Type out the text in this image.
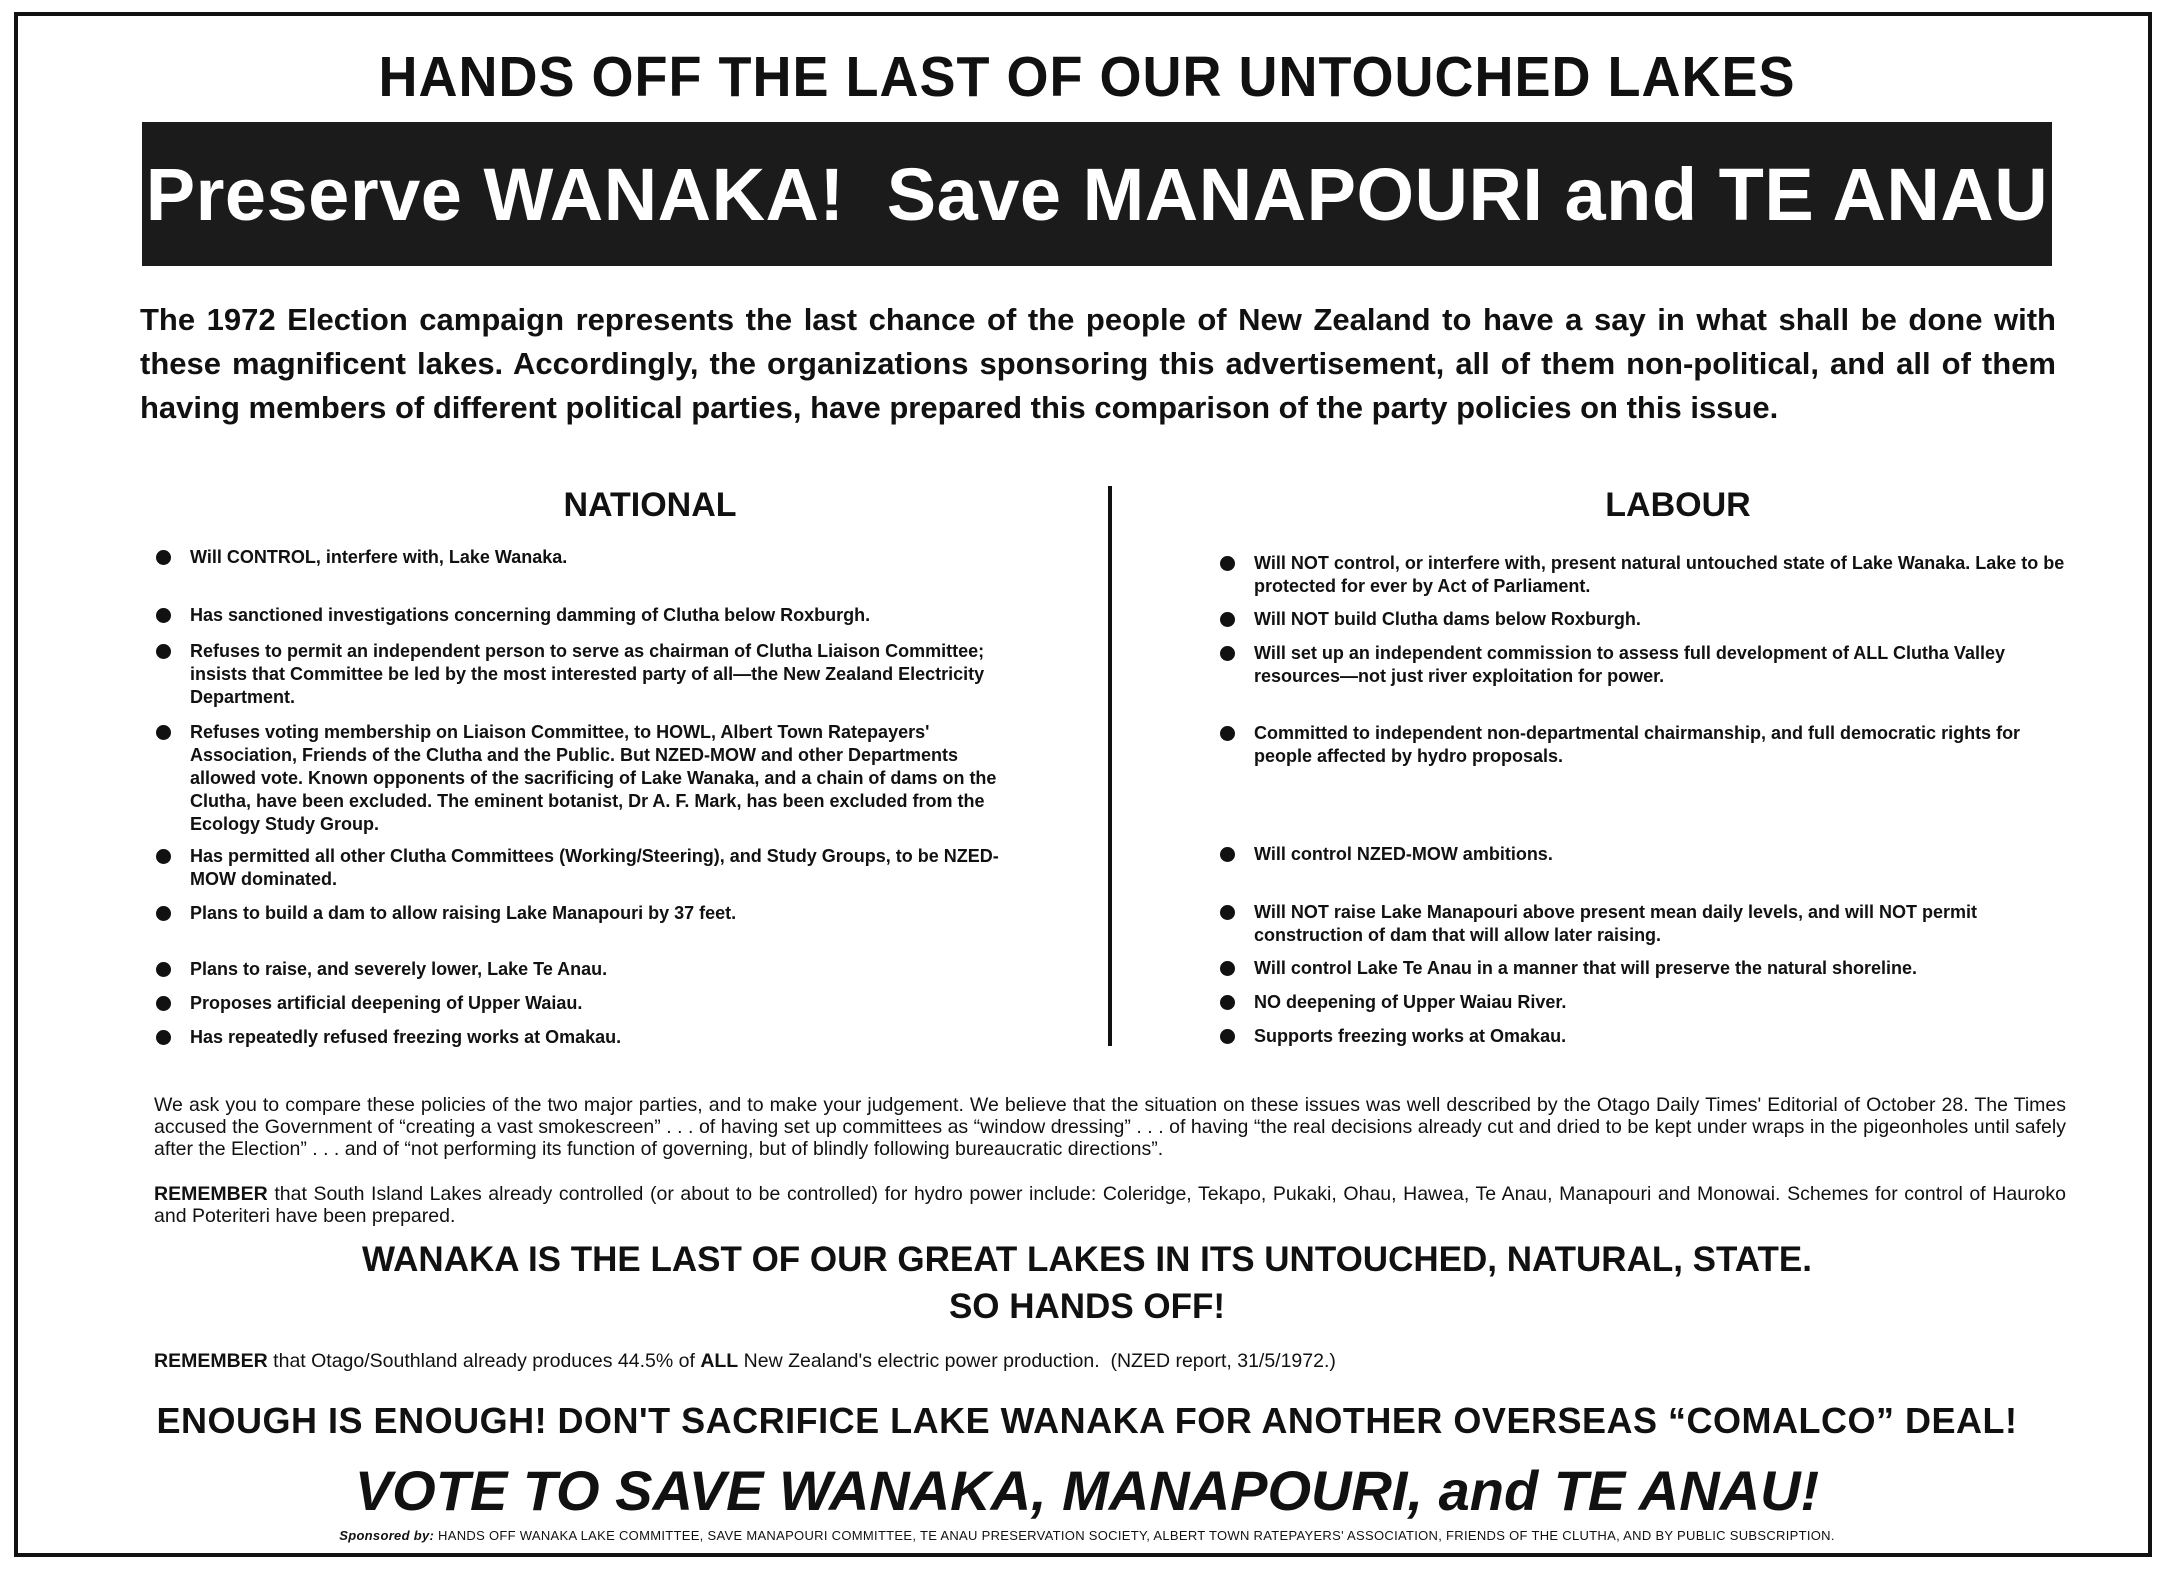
HANDS OFF THE LAST OF OUR UNTOUCHED LAKES
Preserve WANAKA!  Save MANAPOURI and TE ANAU
The 1972 Election campaign represents the last chance of the people of New Zealand to have a say in what shall be done with these magnificent lakes. Accordingly, the organizations sponsoring this advertisement, all of them non-political, and all of them having members of different political parties, have prepared this comparison of the party policies on this issue.
NATIONAL	LABOUR
Will CONTROL, interfere with, Lake Wanaka.
Has sanctioned investigations concerning damming of Clutha below Roxburgh.
Refuses to permit an independent person to serve as chairman of Clutha Liaison Committee; insists that Committee be led by the most interested party of all—the New Zealand Electricity Department.
Refuses voting membership on Liaison Committee, to HOWL, Albert Town Ratepayers' Association, Friends of the Clutha and the Public. But NZED-MOW and other Departments allowed vote. Known opponents of the sacrificing of Lake Wanaka, and a chain of dams on the Clutha, have been excluded. The eminent botanist, Dr A. F. Mark, has been excluded from the Ecology Study Group.
Has permitted all other Clutha Committees (Working/Steering), and Study Groups, to be NZED-MOW dominated.
Plans to build a dam to allow raising Lake Manapouri by 37 feet.
Plans to raise, and severely lower, Lake Te Anau.
Proposes artificial deepening of Upper Waiau.
Has repeatedly refused freezing works at Omakau.
Will NOT control, or interfere with, present natural untouched state of Lake Wanaka. Lake to be protected for ever by Act of Parliament.
Will NOT build Clutha dams below Roxburgh.
Will set up an independent commission to assess full development of ALL Clutha Valley resources—not just river exploitation for power.
Committed to independent non-departmental chairmanship, and full democratic rights for people affected by hydro proposals.
Will control NZED-MOW ambitions.
Will NOT raise Lake Manapouri above present mean daily levels, and will NOT permit construction of dam that will allow later raising.
Will control Lake Te Anau in a manner that will preserve the natural shoreline.
NO deepening of Upper Waiau River.
Supports freezing works at Omakau.
We ask you to compare these policies of the two major parties, and to make your judgement. We believe that the situation on these issues was well described by the Otago Daily Times' Editorial of October 28. The Times accused the Government of “creating a vast smokescreen” . . . of having set up committees as “window dressing” . . . of having “the real decisions already cut and dried to be kept under wraps in the pigeonholes until safely after the Election” . . . and of “not performing its function of governing, but of blindly following bureaucratic directions”.
REMEMBER that South Island Lakes already controlled (or about to be controlled) for hydro power include: Coleridge, Tekapo, Pukaki, Ohau, Hawea, Te Anau, Manapouri and Monowai. Schemes for control of Hauroko and Poteriteri have been prepared.
WANAKA IS THE LAST OF OUR GREAT LAKES IN ITS UNTOUCHED, NATURAL, STATE.
SO HANDS OFF!
REMEMBER that Otago/Southland already produces 44.5% of ALL New Zealand's electric power production.  (NZED report, 31/5/1972.)
ENOUGH IS ENOUGH! DON'T SACRIFICE LAKE WANAKA FOR ANOTHER OVERSEAS “COMALCO” DEAL!
VOTE TO SAVE WANAKA, MANAPOURI, and TE ANAU!
Sponsored by: HANDS OFF WANAKA LAKE COMMITTEE, SAVE MANAPOURI COMMITTEE, TE ANAU PRESERVATION SOCIETY, ALBERT TOWN RATEPAYERS' ASSOCIATION, FRIENDS OF THE CLUTHA, AND BY PUBLIC SUBSCRIPTION.
